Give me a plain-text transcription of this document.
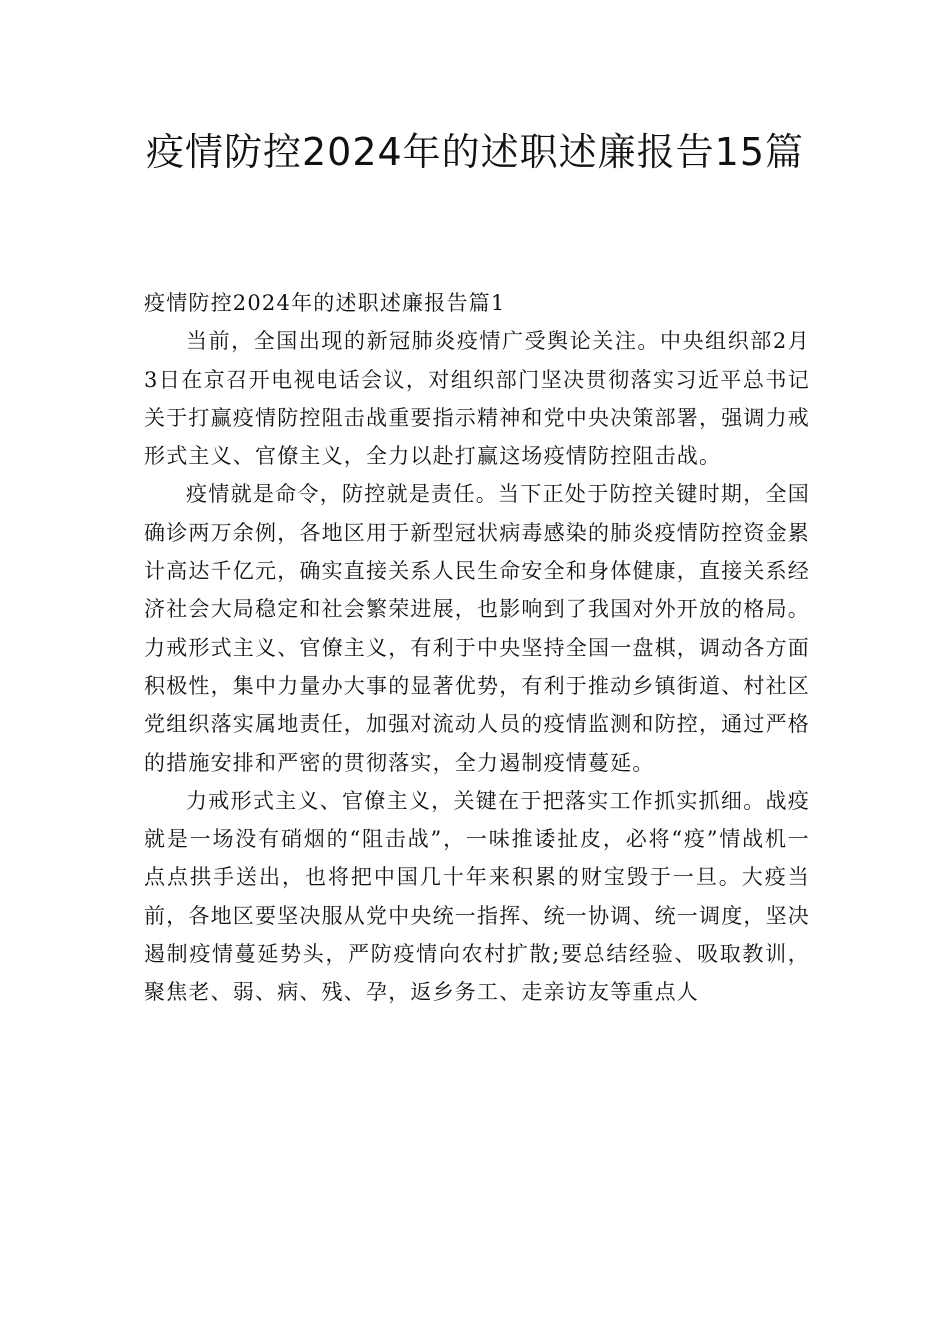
疫情防控2024年的述职述廉报告15篇
疫情防控2024年的述职述廉报告篇1

当前，全国出现的新冠肺炎疫情广受舆论关注。中央组织部2月3日在京召开电视电话会议，对组织部门坚决贯彻落实习近平总书记关于打赢疫情防控阻击战重要指示精神和党中央决策部署，强调力戒形式主义、官僚主义，全力以赴打赢这场疫情防控阻击战。

疫情就是命令，防控就是责任。当下正处于防控关键时期，全国确诊两万余例，各地区用于新型冠状病毒感染的肺炎疫情防控资金累计高达千亿元，确实直接关系人民生命安全和身体健康，直接关系经济社会大局稳定和社会繁荣进展，也影响到了我国对外开放的格局。力戒形式主义、官僚主义，有利于中央坚持全国一盘棋，调动各方面积极性，集中力量办大事的显著优势，有利于推动乡镇街道、村社区党组织落实属地责任，加强对流动人员的疫情监测和防控，通过严格的措施安排和严密的贯彻落实，全力遏制疫情蔓延。

力戒形式主义、官僚主义，关键在于把落实工作抓实抓细。战疫就是一场没有硝烟的“阻击战”，一味推诿扯皮，必将“疫”情战机一点点拱手送出，也将把中国几十年来积累的财宝毁于一旦。大疫当前，各地区要坚决服从党中央统一指挥、统一协调、统一调度，坚决遏制疫情蔓延势头，严防疫情向农村扩散;要总结经验、吸取教训，聚焦老、弱、病、残、孕，返乡务工、走亲访友等重点人
